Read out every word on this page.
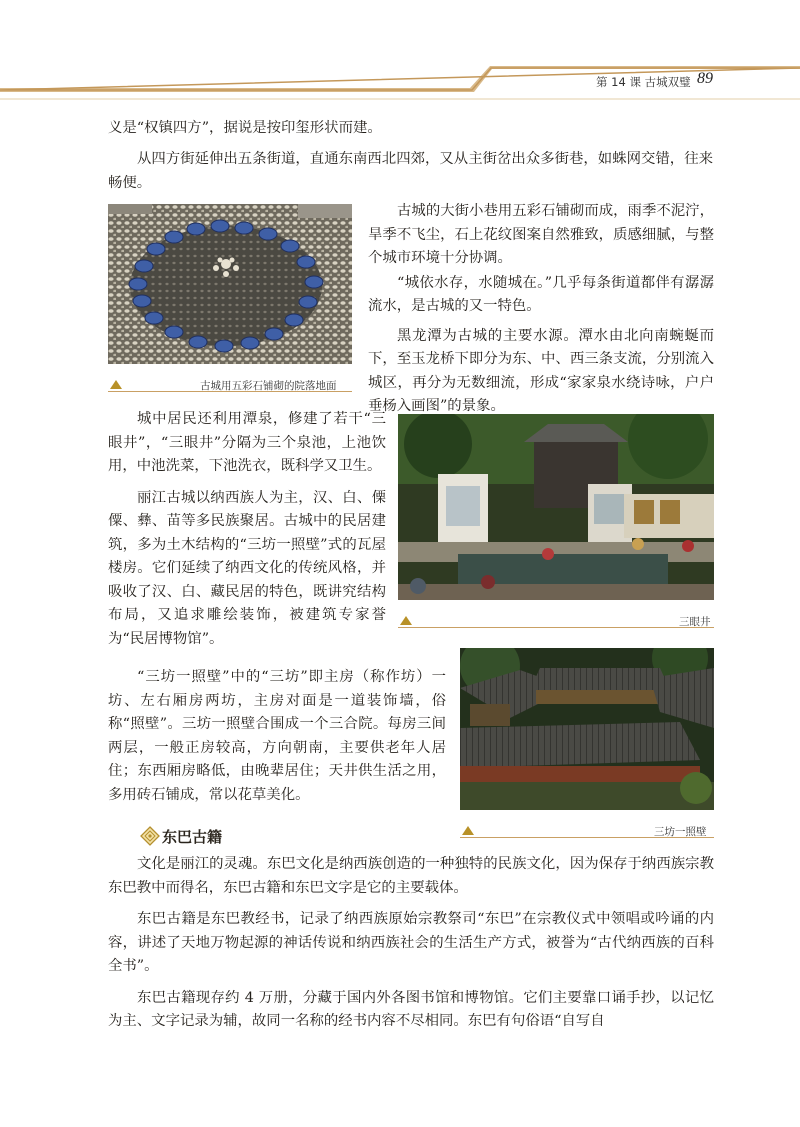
第 14 课 古城双璧 89

义是“权镇四方”，据说是按印玺形状而建。

从四方街延伸出五条街道，直通东南西北四郊，又从主街岔出众多街巷，如蛛网交错，往来畅便。

古城用五彩石铺砌的院落地面

古城的大街小巷用五彩石铺砌而成，雨季不泥泞，旱季不飞尘，石上花纹图案自然雅致，质感细腻，与整个城市环境十分协调。

“城依水存，水随城在。”几乎每条街道都伴有潺潺流水，是古城的又一特色。

黑龙潭为古城的主要水源。潭水由北向南蜿蜒而下，至玉龙桥下即分为东、中、西三条支流，分别流入城区，再分为无数细流，形成“家家泉水绕诗咏，户户垂杨入画图”的景象。

城中居民还利用潭泉，修建了若干“三眼井”，“三眼井”分隔为三个泉池，上池饮用，中池洗菜，下池洗衣，既科学又卫生。

丽江古城以纳西族人为主，汉、白、傈僳、彝、苗等多民族聚居。古城中的民居建筑，多为土木结构的“三坊一照壁”式的瓦屋楼房。它们延续了纳西文化的传统风格，并吸收了汉、白、藏民居的特色，既讲究结构布局，又追求雕绘装饰，被建筑专家誉为“民居博物馆”。

三眼井

“三坊一照壁”中的“三坊”即主房（称作坊）一坊、左右厢房两坊，主房对面是一道装饰墙，俗称“照壁”。三坊一照壁合围成一个三合院。每房三间两层，一般正房较高，方向朝南，主要供老年人居住；东西厢房略低，由晚辈居住；天井供生活之用，多用砖石铺成，常以花草美化。

三坊一照壁
东巴古籍

文化是丽江的灵魂。东巴文化是纳西族创造的一种独特的民族文化，因为保存于纳西族宗教东巴教中而得名，东巴古籍和东巴文字是它的主要载体。

东巴古籍是东巴教经书，记录了纳西族原始宗教祭司“东巴”在宗教仪式中领唱或吟诵的内容，讲述了天地万物起源的神话传说和纳西族社会的生活生产方式，被誉为“古代纳西族的百科全书”。

东巴古籍现存约 4 万册，分藏于国内外各图书馆和博物馆。它们主要靠口诵手抄，以记忆为主、文字记录为辅，故同一名称的经书内容不尽相同。东巴有句俗语“自写自
